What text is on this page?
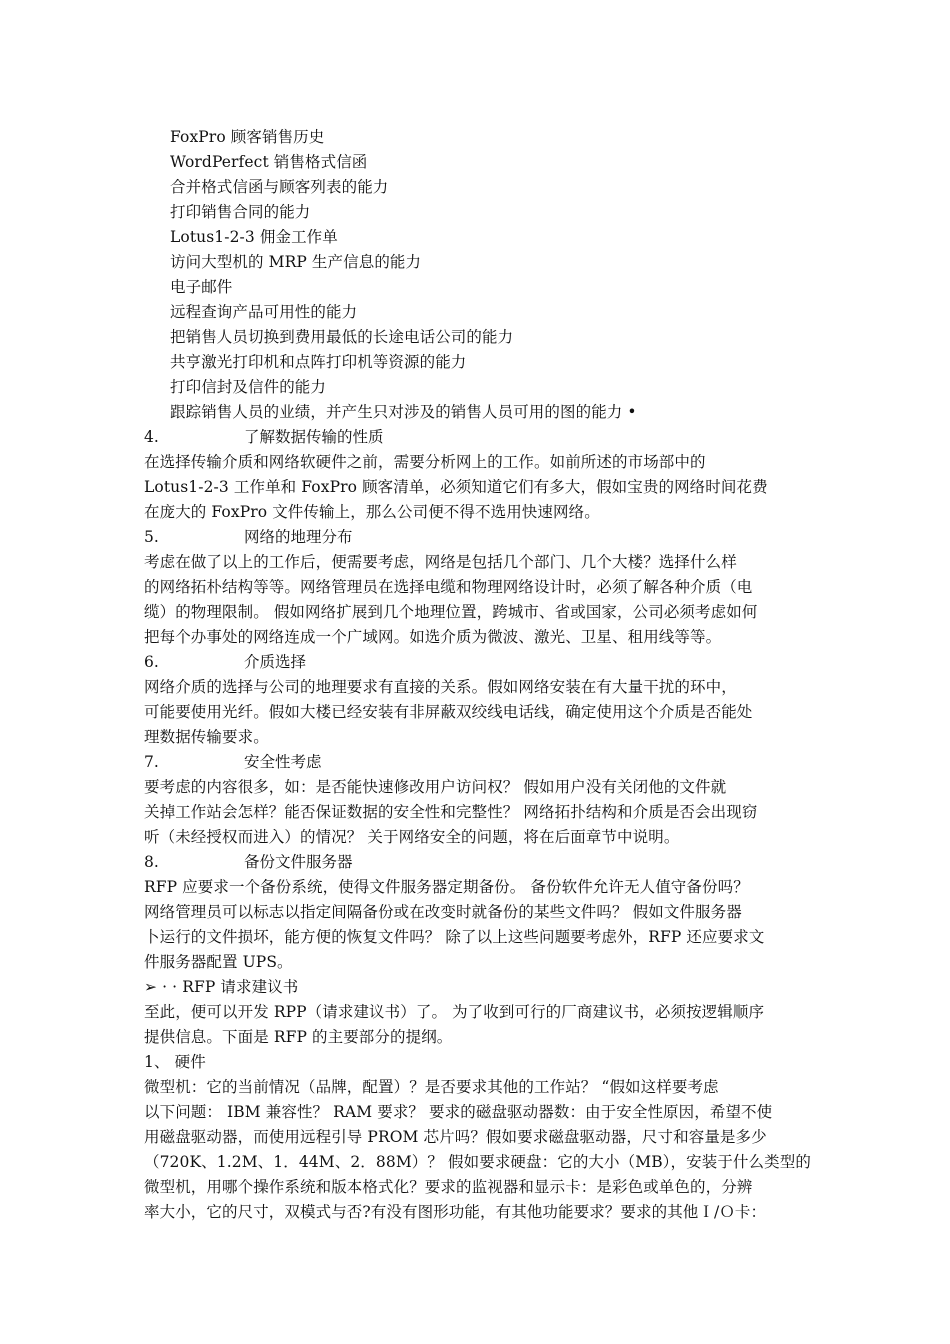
FoxPro 顾客销售历史
WordPerfect 销售格式信函
合并格式信函与顾客列表的能力
打印销售合同的能力
Lotus1-2-3 佣金工作单
访问大型机的 MRP 生产信息的能力
电子邮件
远程查询产品可用性的能力
把销售人员切换到费用最低的长途电话公司的能力
共亨激光打印机和点阵打印机等资源的能力
打印信封及信件的能力
跟踪销售人员的业绩，并产生只对涉及的销售人员可用的图的能力 •
4.	了解数据传输的性质
在选择传输介质和网络软硬件之前，需要分析网上的工作。如前所述的市场部中的
Lotus1-2-3 工作单和 FoxPro 顾客清单，必须知道它们有多大，假如宝贵的网络时间花费
在庞大的 FoxPro 文件传输上，那么公司便不得不选用快速网络。
5.	网络的地理分布
考虑在做了以上的工作后，便需要考虑，网络是包括几个部门、几个大楼？选择什么样
的网络拓朴结构等等。网络管理员在选择电缆和物理网络设计时，必须了解各种介质（电
缆）的物理限制。 假如网络扩展到几个地理位置，跨城市、省或国家，公司必须考虑如何
把每个办事处的网络连成一个广域网。如选介质为微波、激光、卫星、租用线等等。
6.	介质选择
网络介质的选择与公司的地理要求有直接的关系。假如网络安装在有大量干扰的环中，
可能要使用光纤。假如大楼已经安装有非屏蔽双绞线电话线，确定使用这个介质是否能处
理数据传输要求。
7.	安全性考虑
要考虑的内容很多，如：是否能快速修改用户访问权？ 假如用户没有关闭他的文件就
关掉工作站会怎样？能否保证数据的安全性和完整性？ 网络拓扑结构和介质是否会出现窃
听（未经授权而进入）的情况？ 关于网络安全的问题，将在后面章节中说明。
8.	备份文件服务器
RFP 应要求一个备份系统，使得文件服务器定期备份。 备份软件允许无人值守备份吗？
网络管理员可以标志以指定间隔备份或在改变时就备份的某些文件吗？ 假如文件服务器
卜运行的文件损坏，能方便的恢复文件吗？ 除了以上这些问题要考虑外，RFP 还应要求文
件服务器配置 UPS。
➢ · · RFP 请求建议书
至此，便可以开发 RPP（请求建议书）了。 为了收到可行的厂商建议书，必须按逻辑顺序
提供信息。下面是 RFP 的主要部分的提纲。
1、 硬件
微型机：它的当前情况（品牌，配置）？是否要求其他的工作站？ “假如这样要考虑
以下问题： IBM 兼容性？ RAM 要求？ 要求的磁盘驱动器数：由于安全性原因，希望不使
用磁盘驱动器，而使用远程引导 PROM 芯片吗？假如要求磁盘驱动器，尺寸和容量是多少
（720K、1.2M、1．44M、2．88M）？ 假如要求硬盘：它的大小（MB），安装于什么类型的
微型机，用哪个操作系统和版本格式化？要求的监视器和显示卡：是彩色或单色的，分辨
率大小，它的尺寸，双模式与否?有没有图形功能，有其他功能要求？要求的其他Ｉ/Ｏ卡：
